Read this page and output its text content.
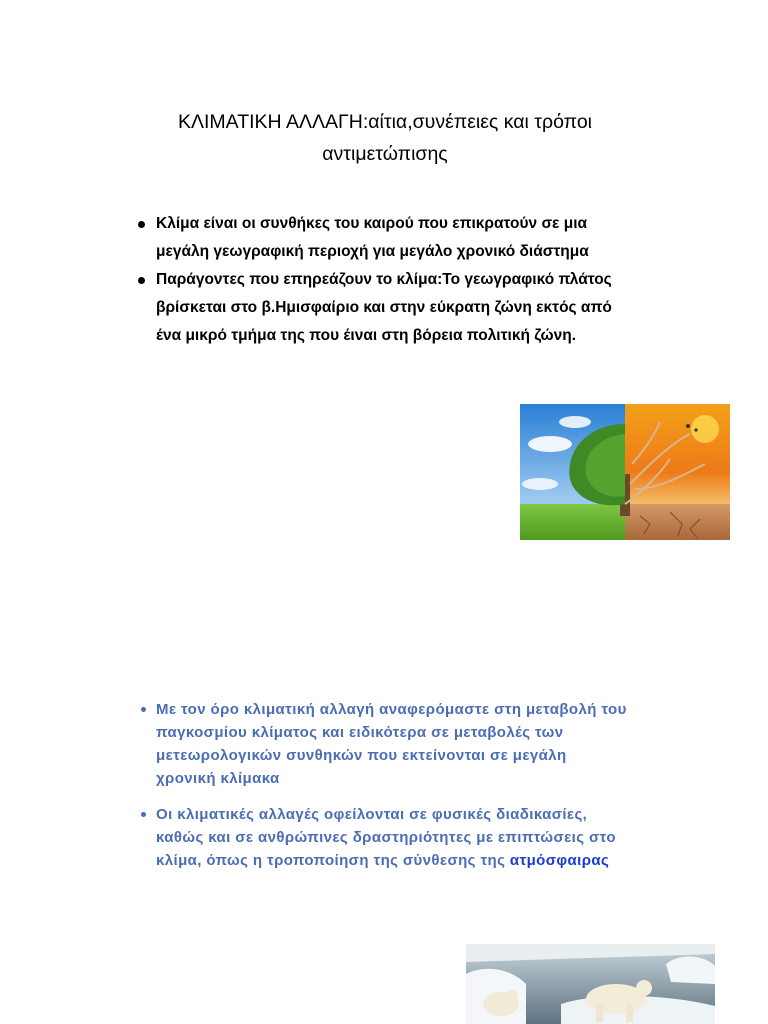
ΚΛΙΜΑΤΙΚΗ ΑΛΛΑΓΗ:αίτια,συνέπειες και τρόποι αντιμετώπισης
Κλίμα είναι οι συνθήκες του καιρού που επικρατούν σε μια μεγάλη γεωγραφική περιοχή για μεγάλο χρονικό διάστημα
Παράγοντες που επηρεάζουν το κλίμα:Το γεωγραφικό πλάτος βρίσκεται στο β.Ημισφαίριο και στην εύκρατη ζώνη εκτός από ένα μικρό τμήμα της που έιναι στη βόρεια πολιτική ζώνη.
Με τον όρο κλιματική αλλαγή αναφερόμαστε στη μεταβολή του παγκοσμίου κλίματος και ειδικότερα σε μεταβολές των μετεωρολογικών συνθηκών που εκτείνονται σε μεγάλη χρονική κλίμακα
Οι κλιματικές αλλαγές οφείλονται σε φυσικές διαδικασίες, καθώς και σε ανθρώπινες δραστηριότητες με επιπτώσεις στο κλίμα, όπως η τροποποίηση της σύνθεσης της ατμόσφαιρας
